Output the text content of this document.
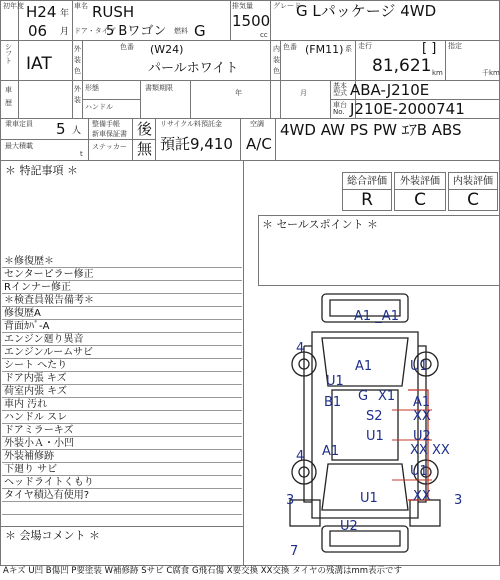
初年度 H24 年
06 月
車名 RUSH
ドア・タイプ
5 Bワゴン 燃料 G
排気量
1500
cc
グレード
G Lパッケージ 4WD
シフト IAT
外装色
色番 (W24)
パールホワイト
内装色
色番 (FM11) 系 走行	[ ]
81,621 km
指定
千km
車歴
外装
形態
ハンドル
書類期限
年	月
基本型式 ABA-J210E
車台No. J210E-2000741
乗車定員 5 人
最大積載
t
整備手帳
新車保証書
ステッカー
後
無
リサイクル料預託金
預託9,410
空調
A/C
4WD AW PS PW ｴｱB ABS
＊ 特記事項 ＊
総合評価	外装評価	内装評価
R	C	C
＊ セールスポイント ＊
＊修復歴＊
センターピラー修正
Rインナー修正
＊検査員報告備考＊
修復歴A
背面ｶﾊﾞ-A
エンジン廻り異音
エンジンルームサビ
シート へたり
ドア内張 キズ
荷室内張 キズ
車内 汚れ
ハンドル スレ
ドアミラーキズ
外装小Ａ・小凹
外装補修跡
下廻り サビ
ヘッドライトくもり
タイヤ積込有使用?
＊ 会場コメント ＊
A1 _A1
4
A1
U1
U1
G X1
B1
S2
A1
XX
U2
XX XX
U1
XX
U1
A1
4
3	U1	3
U2
7
Aキズ U凹 B傷凹 P要塗装 W補修跡 Sサビ C腐食 G飛石傷 X要交換 XX交換 タイヤの残溝はmm表示です
